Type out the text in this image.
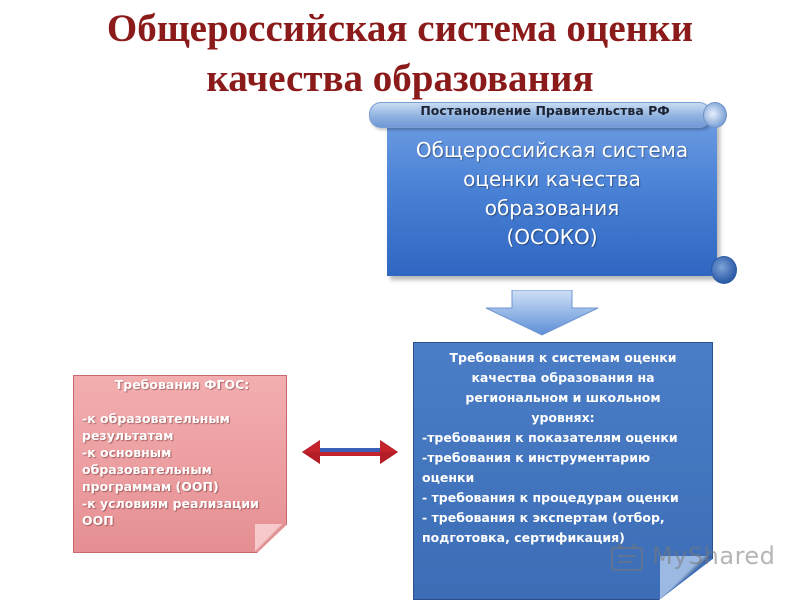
Общероссийская система оценки
качества образования
Постановление Правительства РФ
Общероссийская система
оценки качества
образования
(ОСОКО)
Требования ФГОС:
-к образовательным
результатам
-к основным
образовательным
программам (ООП)
-к условиям реализации
ООП
Требования к системам оценки
качества образования на
региональном и школьном
уровнях:
-требования к показателям оценки
-требования к инструментарию
оценки
- требования к процедурам оценки
- требования к экспертам (отбор,
подготовка, сертификация)
MyShared
